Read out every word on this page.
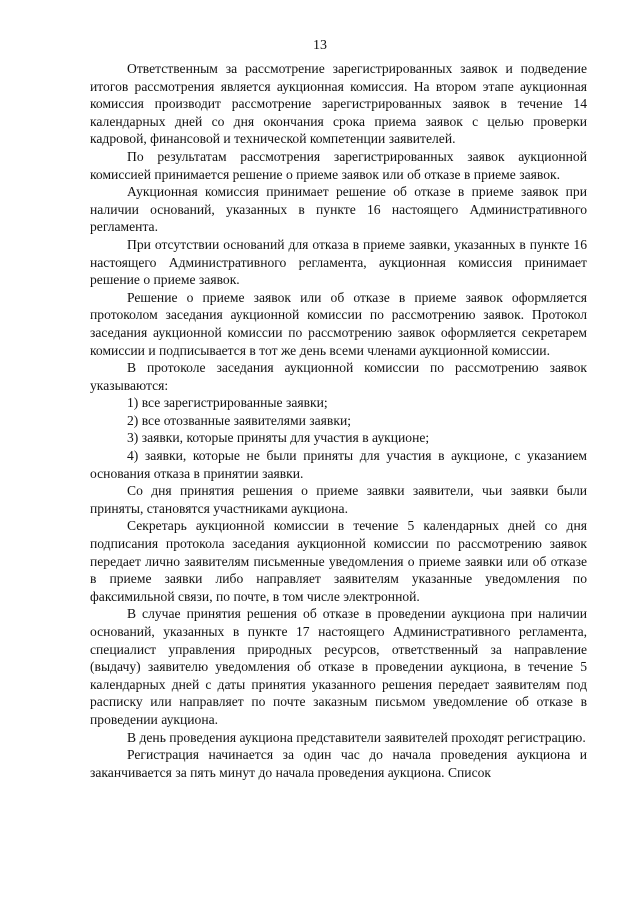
13

Ответственным за рассмотрение зарегистрированных заявок и подведение итогов рассмотрения является аукционная комиссия. На втором этапе аукционная комиссия производит рассмотрение зарегистрированных заявок в течение 14 календарных дней со дня окончания срока приема заявок с целью проверки кадровой, финансовой и технической компетенции заявителей.

По результатам рассмотрения зарегистрированных заявок аукционной комиссией принимается решение о приеме заявок или об отказе в приеме заявок.

Аукционная комиссия принимает решение об отказе в приеме заявок при наличии оснований, указанных в пункте 16 настоящего Административного регламента.

При отсутствии оснований для отказа в приеме заявки, указанных в пункте 16 настоящего Административного регламента, аукционная комиссия принимает решение о приеме заявок.

Решение о приеме заявок или об отказе в приеме заявок оформляется протоколом заседания аукционной комиссии по рассмотрению заявок. Протокол заседания аукционной комиссии по рассмотрению заявок оформляется секретарем комиссии и подписывается в тот же день всеми членами аукционной комиссии.

В протоколе заседания аукционной комиссии по рассмотрению заявок указываются:

1) все зарегистрированные заявки;

2) все отозванные заявителями заявки;

3) заявки, которые приняты для участия в аукционе;

4) заявки, которые не были приняты для участия в аукционе, с указанием основания отказа в принятии заявки.

Со дня принятия решения о приеме заявки заявители, чьи заявки были приняты, становятся участниками аукциона.

Секретарь аукционной комиссии в течение 5 календарных дней со дня подписания протокола заседания аукционной комиссии по рассмотрению заявок передает лично заявителям письменные уведомления о приеме заявки или об отказе в приеме заявки либо направляет заявителям указанные уведомления по факсимильной связи, по почте, в том числе электронной.

В случае принятия решения об отказе в проведении аукциона при наличии оснований, указанных в пункте 17 настоящего Административного регламента, специалист управления природных ресурсов, ответственный за направление (выдачу) заявителю уведомления об отказе в проведении аукциона, в течение 5 календарных дней с даты принятия указанного решения передает заявителям под расписку или направляет по почте заказным письмом уведомление об отказе в проведении аукциона.

В день проведения аукциона представители заявителей проходят регистрацию.

Регистрация начинается за один час до начала проведения аукциона и заканчивается за пять минут до начала проведения аукциона. Список
